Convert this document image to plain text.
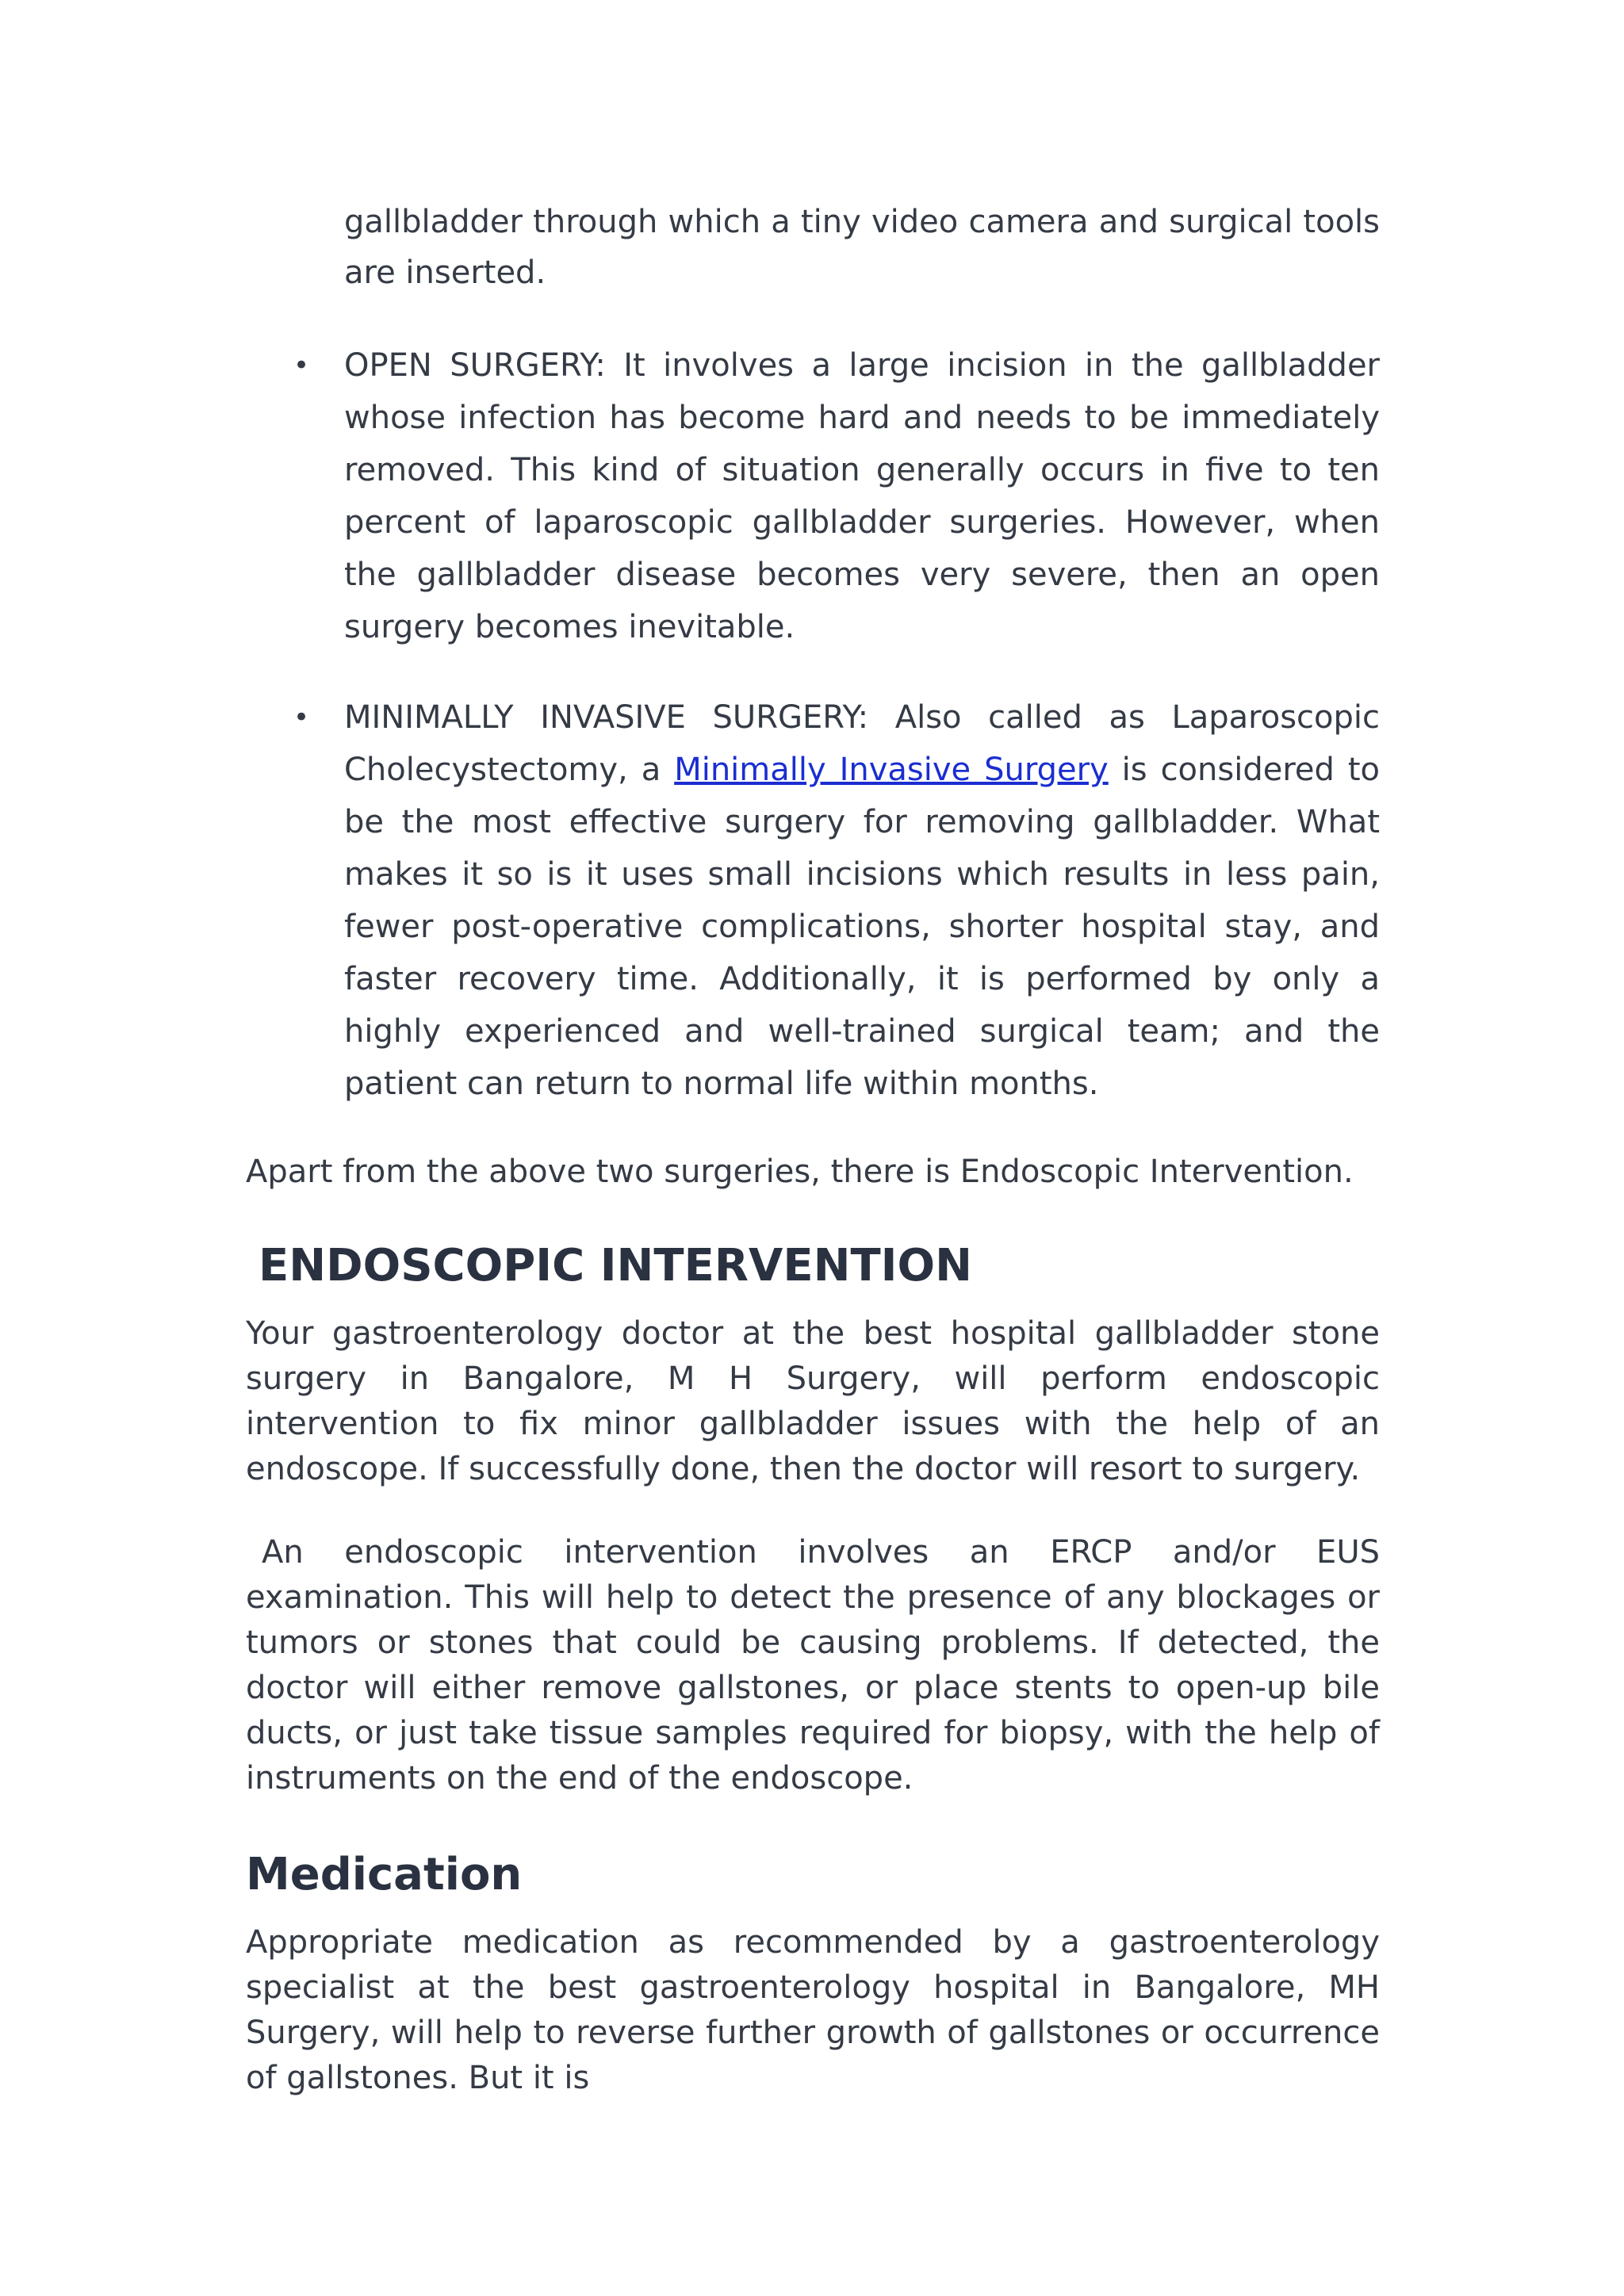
gallbladder through which a tiny video camera and surgical tools are inserted.

• OPEN SURGERY: It involves a large incision in the gallbladder whose infection has become hard and needs to be immediately removed. This kind of situation generally occurs in five to ten percent of laparoscopic gallbladder surgeries. However, when the gallbladder disease becomes very severe, then an open surgery becomes inevitable.
• MINIMALLY INVASIVE SURGERY: Also called as Laparoscopic Cholecystectomy, a Minimally Invasive Surgery is considered to be the most effective surgery for removing gallbladder. What makes it so is it uses small incisions which results in less pain, fewer post-operative complications, shorter hospital stay, and faster recovery time. Additionally, it is performed by only a highly experienced and well-trained surgical team; and the patient can return to normal life within months.

Apart from the above two surgeries, there is Endoscopic Intervention.

ENDOSCOPIC INTERVENTION

Your gastroenterology doctor at the best hospital gallbladder stone surgery in Bangalore, M H Surgery, will perform endoscopic intervention to fix minor gallbladder issues with the help of an endoscope. If successfully done, then the doctor will resort to surgery.

An endoscopic intervention involves an ERCP and/or EUS examination. This will help to detect the presence of any blockages or tumors or stones that could be causing problems. If detected, the doctor will either remove gallstones, or place stents to open-up bile ducts, or just take tissue samples required for biopsy, with the help of instruments on the end of the endoscope.

Medication

Appropriate medication as recommended by a gastroenterology specialist at the best gastroenterology hospital in Bangalore, MH Surgery, will help to reverse further growth of gallstones or occurrence of gallstones. But it is
